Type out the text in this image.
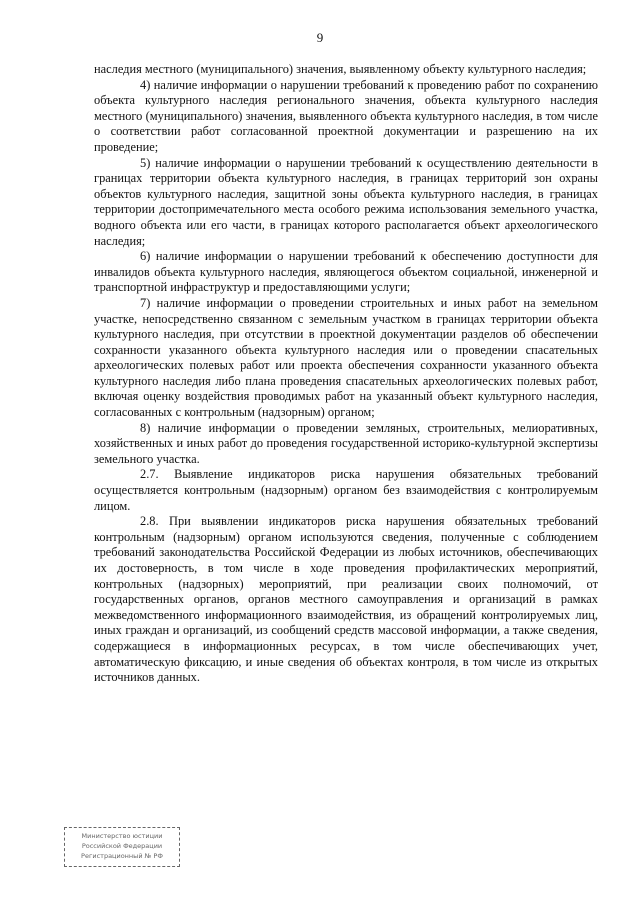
9

наследия местного (муниципального) значения, выявленному объекту культурного наследия;

4) наличие информации о нарушении требований к проведению работ по сохранению объекта культурного наследия регионального значения, объекта культурного наследия местного (муниципального) значения, выявленного объекта культурного наследия, в том числе о соответствии работ согласованной проектной документации и разрешению на их проведение;

5) наличие информации о нарушении требований к осуществлению деятельности в границах территории объекта культурного наследия, в границах территорий зон охраны объектов культурного наследия, защитной зоны объекта культурного наследия, в границах территории достопримечательного места особого режима использования земельного участка, водного объекта или его части, в границах которого располагается объект археологического наследия;

6) наличие информации о нарушении требований к обеспечению доступности для инвалидов объекта культурного наследия, являющегося объектом социальной, инженерной и транспортной инфраструктур и предоставляющими услуги;

7) наличие информации о проведении строительных и иных работ на земельном участке, непосредственно связанном с земельным участком в границах территории объекта культурного наследия, при отсутствии в проектной документации разделов об обеспечении сохранности указанного объекта культурного наследия или о проведении спасательных археологических полевых работ или проекта обеспечения сохранности указанного объекта культурного наследия либо плана проведения спасательных археологических полевых работ, включая оценку воздействия проводимых работ на указанный объект культурного наследия, согласованных с контрольным (надзорным) органом;

8) наличие информации о проведении земляных, строительных, мелиоративных, хозяйственных и иных работ до проведения государственной историко-культурной экспертизы земельного участка.

2.7. Выявление индикаторов риска нарушения обязательных требований осуществляется контрольным (надзорным) органом без взаимодействия с контролируемым лицом.

2.8. При выявлении индикаторов риска нарушения обязательных требований контрольным (надзорным) органом используются сведения, полученные с соблюдением требований законодательства Российской Федерации из любых источников, обеспечивающих их достоверность, в том числе в ходе проведения профилактических мероприятий, контрольных (надзорных) мероприятий, при реализации своих полномочий, от государственных органов, органов местного самоуправления и организаций в рамках межведомственного информационного взаимодействия, из обращений контролируемых лиц, иных граждан и организаций, из сообщений средств массовой информации, а также сведения, содержащиеся в информационных ресурсах, в том числе обеспечивающих учет, автоматическую фиксацию, и иные сведения об объектах контроля, в том числе из открытых источников данных.

Министерство юстиции
Российской Федерации
Регистрационный № РФ
